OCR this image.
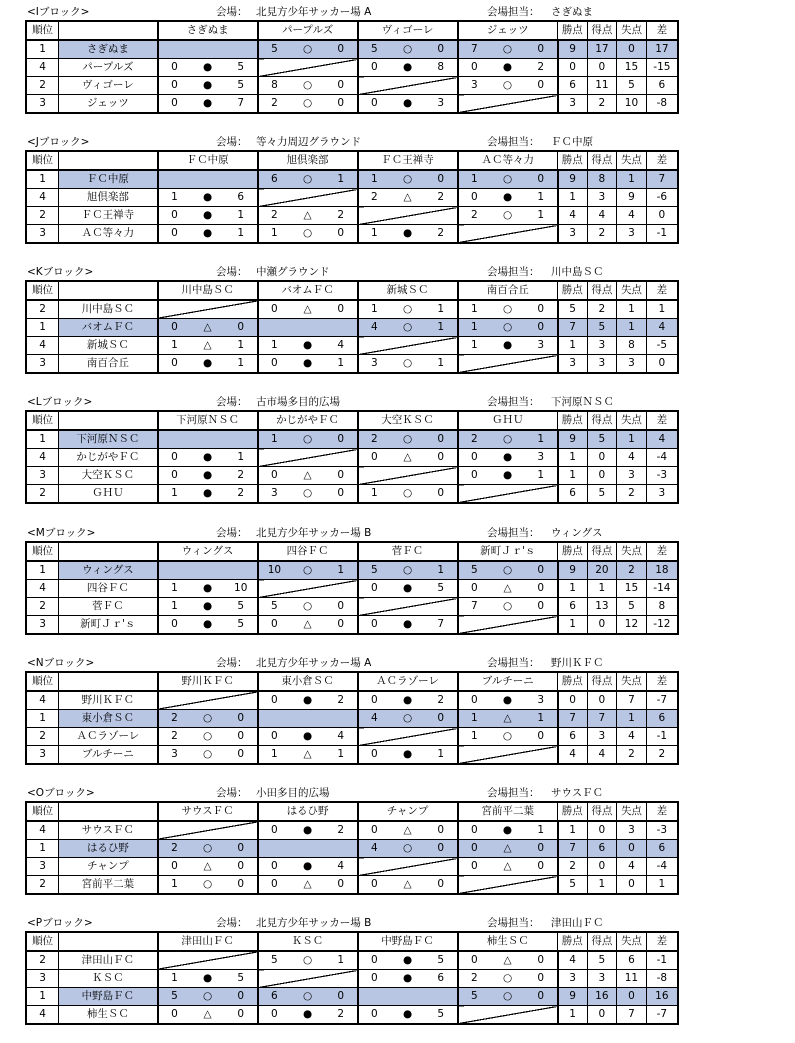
<Iブロック>	会場： 北見方少年サッカー場 A	会場担当： さぎぬま
順位		さぎぬま			パープルズ			ヴィゴーレ			ジェッツ			勝点	得点	失点	差
1	さぎぬま				5	○	0	5	○	0	7	○	0	9	17	0	17
4	パープルズ	0	●	5				0	●	8	0	●	2	0	0	15	-15
2	ヴィゴーレ	0	●	5	8	○	0				3	○	0	6	11	5	6
3	ジェッツ	0	●	7	2	○	0	0	●	3				3	2	10	-8
<Jブロック>	会場： 等々力周辺グラウンド	会場担当： ＦＣ中原
順位		ＦＣ中原			旭倶楽部			ＦＣ王禅寺			ＡＣ等々力			勝点	得点	失点	差
1	ＦＣ中原				6	○	1	1	○	0	1	○	0	9	8	1	7
4	旭倶楽部	1	●	6				2	△	2	0	●	1	1	3	9	-6
2	ＦＣ王禅寺	0	●	1	2	△	2				2	○	1	4	4	4	0
3	ＡＣ等々力	0	●	1	1	○	0	1	●	2				3	2	3	-1
<Kブロック>	会場： 中瀬グラウンド	会場担当： 川中島ＳＣ
順位		川中島ＳＣ			バオムＦＣ			新城ＳＣ			南百合丘			勝点	得点	失点	差
2	川中島ＳＣ				0	△	0	1	○	1	1	○	0	5	2	1	1
1	バオムＦＣ	0	△	0				4	○	1	1	○	0	7	5	1	4
4	新城ＳＣ	1	△	1	1	●	4				1	●	3	1	3	8	-5
3	南百合丘	0	●	1	0	●	1	3	○	1				3	3	3	0
<Lブロック>	会場： 古市場多目的広場	会場担当： 下河原ＮＳＣ
順位		下河原ＮＳＣ			かじがやＦＣ			大空ＫＳＣ			ＧＨＵ			勝点	得点	失点	差
1	下河原ＮＳＣ				1	○	0	2	○	0	2	○	1	9	5	1	4
4	かじがやＦＣ	0	●	1				0	△	0	0	●	3	1	0	4	-4
3	大空ＫＳＣ	0	●	2	0	△	0				0	●	1	1	0	3	-3
2	ＧＨＵ	1	●	2	3	○	0	1	○	0				6	5	2	3
<Mブロック>	会場： 北見方少年サッカー場 B	会場担当： ウィングス
順位		ウィングス			四谷ＦＣ			菅ＦＣ			新町Ｊｒ'ｓ			勝点	得点	失点	差
1	ウィングス				10	○	1	5	○	1	5	○	0	9	20	2	18
4	四谷ＦＣ	1	●	10				0	●	5	0	△	0	1	1	15	-14
2	菅ＦＣ	1	●	5	5	○	0				7	○	0	6	13	5	8
3	新町Ｊｒ'ｓ	0	●	5	0	△	0	0	●	7				1	0	12	-12
<Nブロック>	会場： 北見方少年サッカー場 A	会場担当： 野川ＫＦＣ
順位		野川ＫＦＣ			東小倉ＳＣ			ＡＣラゾーレ			ブルチーニ			勝点	得点	失点	差
4	野川ＫＦＣ				0	●	2	0	●	2	0	●	3	0	0	7	-7
1	東小倉ＳＣ	2	○	0				4	○	0	1	△	1	7	7	1	6
2	ＡＣラゾーレ	2	○	0	0	●	4				1	○	0	6	3	4	-1
3	ブルチーニ	3	○	0	1	△	1	0	●	1				4	4	2	2
<Oブロック>	会場： 小田多目的広場	会場担当： サウスＦＣ
順位		サウスＦＣ			はるひ野			チャンプ			宮前平二葉			勝点	得点	失点	差
4	サウスＦＣ				0	●	2	0	△	0	0	●	1	1	0	3	-3
1	はるひ野	2	○	0				4	○	0	0	△	0	7	6	0	6
3	チャンプ	0	△	0	0	●	4				0	△	0	2	0	4	-4
2	宮前平二葉	1	○	0	0	△	0	0	△	0				5	1	0	1
<Pブロック>	会場： 北見方少年サッカー場 B	会場担当： 津田山ＦＣ
順位		津田山ＦＣ			ＫＳＣ			中野島ＦＣ			柿生ＳＣ			勝点	得点	失点	差
2	津田山ＦＣ				5	○	1	0	●	5	0	△	0	4	5	6	-1
3	ＫＳＣ	1	●	5				0	●	6	2	○	0	3	3	11	-8
1	中野島ＦＣ	5	○	0	6	○	0				5	○	0	9	16	0	16
4	柿生ＳＣ	0	△	0	0	●	2	0	●	5				1	0	7	-7
